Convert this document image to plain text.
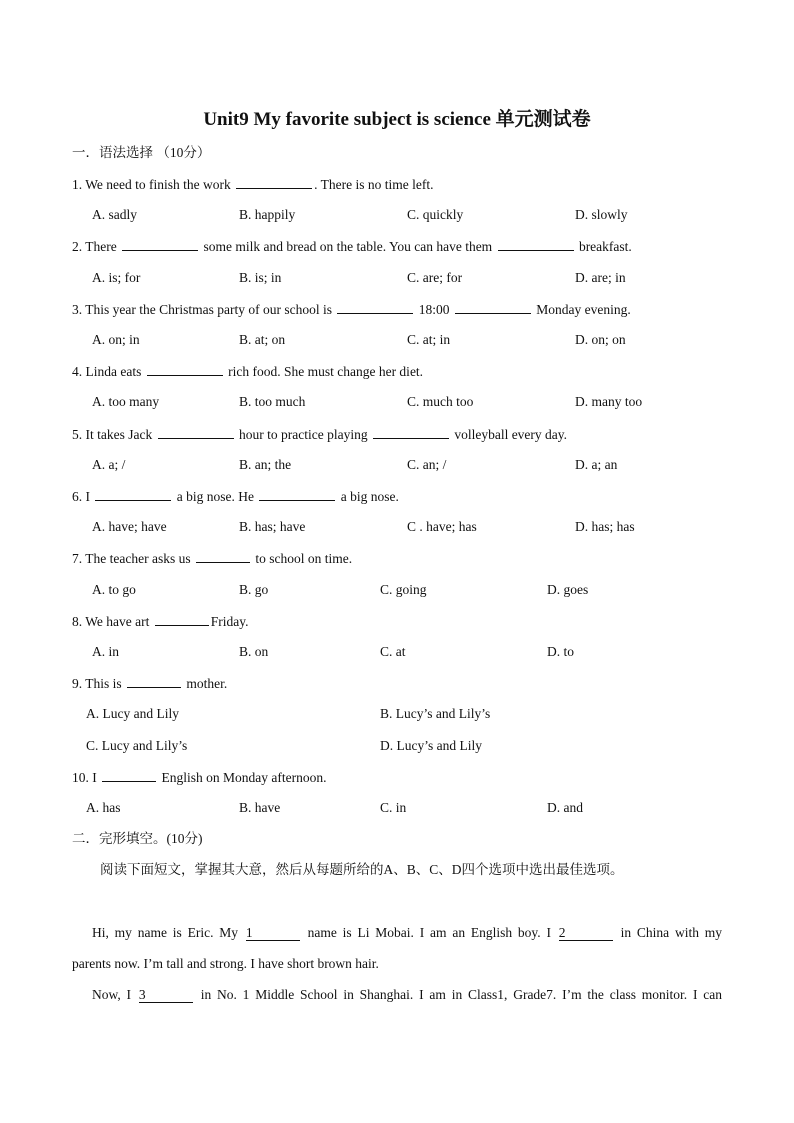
Unit9 My favorite subject is science 单元测试卷
一．语法选择 （10分）
1. We need to finish the work	. There is no time left.
A. sadly	B. happily	C. quickly	D. slowly
2. There	some milk and bread on the table. You can have them	breakfast.
A. is; for	B. is; in	C. are; for	D. are; in
3. This year the Christmas party of our school is	18:00	Monday evening.
A. on; in	B. at; on	C. at; in	D. on; on
4. Linda eats	rich food. She must change her diet.
A. too many	B. too much	C. much too	D. many too
5. It takes Jack	hour to practice playing	volleyball every day.
A. a; /	B. an; the	C. an; /	D. a; an
6. I	a big nose. He	a big nose.
A. have; have	B. has; have	C . have; has	D. has; has
7. The teacher asks us	to school on time.
A. to go	B. go	C. going	D. goes
8. We have art	Friday.
A. in	B. on	C. at	D. to
9. This is	mother.
A. Lucy and Lily	B. Lucy’s and Lily’s
C. Lucy and Lily’s	D. Lucy’s and Lily
10. I	English on Monday afternoon.
A. has	B. have	C. in	D. and
二．完形填空。(10分)
阅读下面短文，掌握其大意，然后从每题所给的A、B、C、D四个选项中选出最佳选项。
Hi, my name is Eric. My 1	name is Li Mobai. I am an English boy. I 2	in China with my
parents now. I’m tall and strong. I have short brown hair.
Now, I 3	in No. 1 Middle School in Shanghai. I am in Class1, Grade7. I’m the class monitor. I can
